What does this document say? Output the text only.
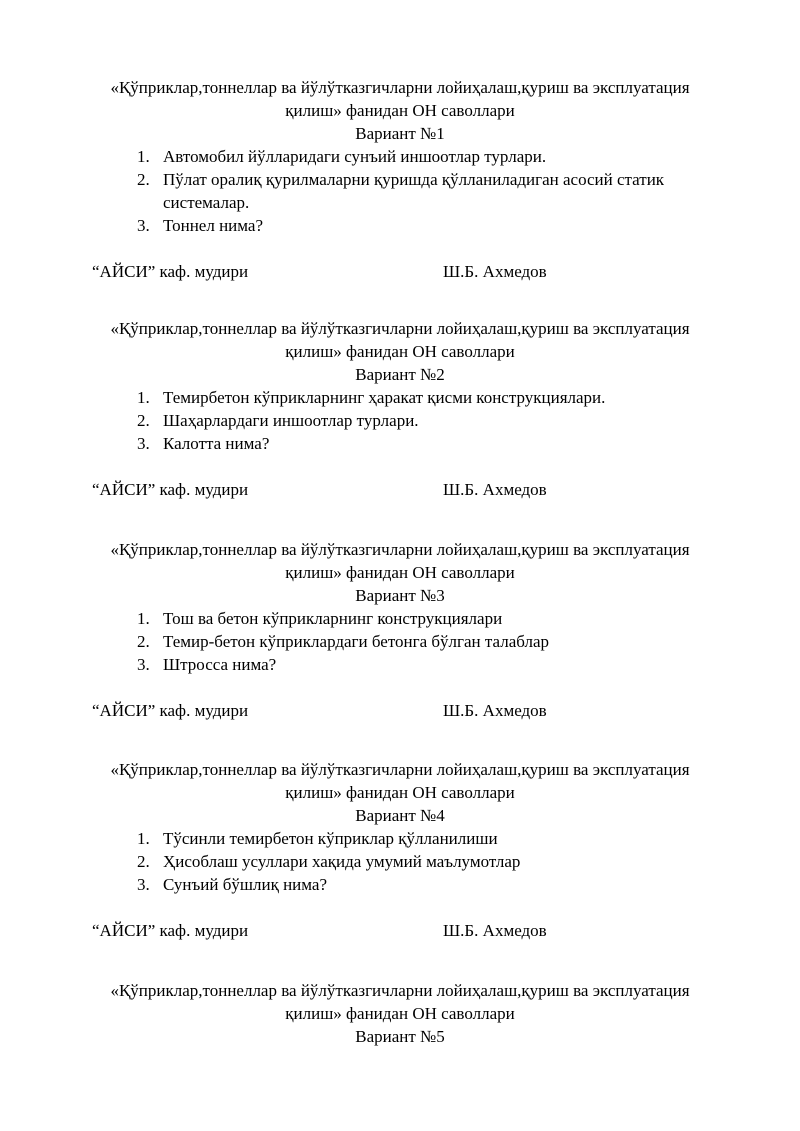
«Қўприклар,тоннеллар ва йўлўтказгичларни лойиҳалаш,қуриш ва эксплуатация
қилиш» фанидан ОН саволлари
Вариант №1
1. Автомобил йўлларидаги сунъий иншоотлар турлари.
2. Пўлат оралиқ қурилмаларни қуришда қўлланиладиган асосий статик системалар.
3. Тоннел нима?
“АЙСИ” каф. мудири	Ш.Б. Ахмедов
«Қўприклар,тоннеллар ва йўлўтказгичларни лойиҳалаш,қуриш ва эксплуатация
қилиш» фанидан ОН саволлари
Вариант №2
1. Темирбетон кўприкларнинг ҳаракат қисми конструкциялари.
2. Шаҳарлардаги иншоотлар турлари.
3. Калотта нима?
“АЙСИ” каф. мудири	Ш.Б. Ахмедов
«Қўприклар,тоннеллар ва йўлўтказгичларни лойиҳалаш,қуриш ва эксплуатация
қилиш» фанидан ОН саволлари
Вариант №3
1. Тош ва бетон кўприкларнинг конструкциялари
2. Темир-бетон кўприклардаги бетонга бўлган талаблар
3. Штросса нима?
“АЙСИ” каф. мудири	Ш.Б. Ахмедов
«Қўприклар,тоннеллар ва йўлўтказгичларни лойиҳалаш,қуриш ва эксплуатация
қилиш» фанидан ОН саволлари
Вариант №4
1. Тўсинли темирбетон кўприклар қўлланилиши
2. Ҳисоблаш усуллари хақида умумий маълумотлар
3. Сунъий бўшлиқ нима?
“АЙСИ” каф. мудири	Ш.Б. Ахмедов
«Қўприклар,тоннеллар ва йўлўтказгичларни лойиҳалаш,қуриш ва эксплуатация
қилиш» фанидан ОН саволлари
Вариант №5
